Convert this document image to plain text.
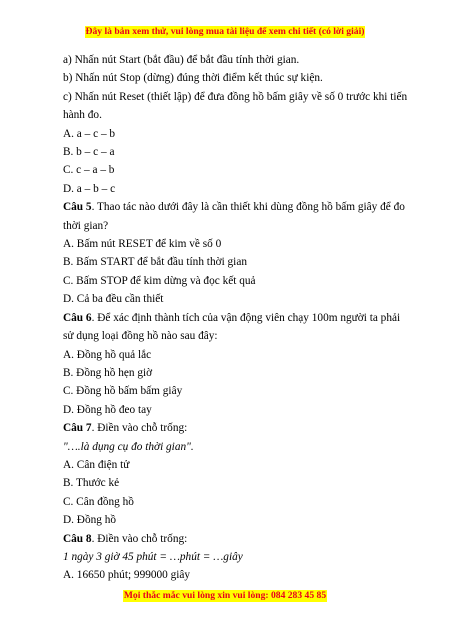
Đây là bản xem thử, vui lòng mua tài liệu để xem chi tiết (có lời giải)
a) Nhấn nút Start (bắt đầu) để bắt đầu tính thời gian.
b) Nhấn nút Stop (dừng) đúng thời điểm kết thúc sự kiện.
c) Nhấn nút Reset (thiết lập) để đưa đồng hồ bấm giây về số 0 trước khi tiến hành đo.
A. a – c – b
B. b – c – a
C. c – a – b
D. a – b – c
Câu 5. Thao tác nào dưới đây là cần thiết khi dùng đồng hồ bấm giây để đo thời gian?
A. Bấm nút RESET để kim về số 0
B. Bấm START để bắt đầu tính thời gian
C. Bấm STOP để kim dừng và đọc kết quả
D. Cả ba đều cần thiết
Câu 6. Để xác định thành tích của vận động viên chạy 100m người ta phải sử dụng loại đồng hồ nào sau đây:
A. Đồng hồ quả lắc
B. Đồng hồ hẹn giờ
C. Đồng hồ bấm bấm giây
D. Đồng hồ đeo tay
Câu 7. Điền vào chỗ trống:
"….là dụng cụ đo thời gian".
A. Cân điện tử
B. Thước kẻ
C. Cân đồng hồ
D. Đồng hồ
Câu 8. Điền vào chỗ trống:
1 ngày 3 giờ 45 phút = …phút = …giây
A. 16650 phút; 999000 giây
Mọi thắc mắc vui lòng xin vui lòng: 084 283 45 85
